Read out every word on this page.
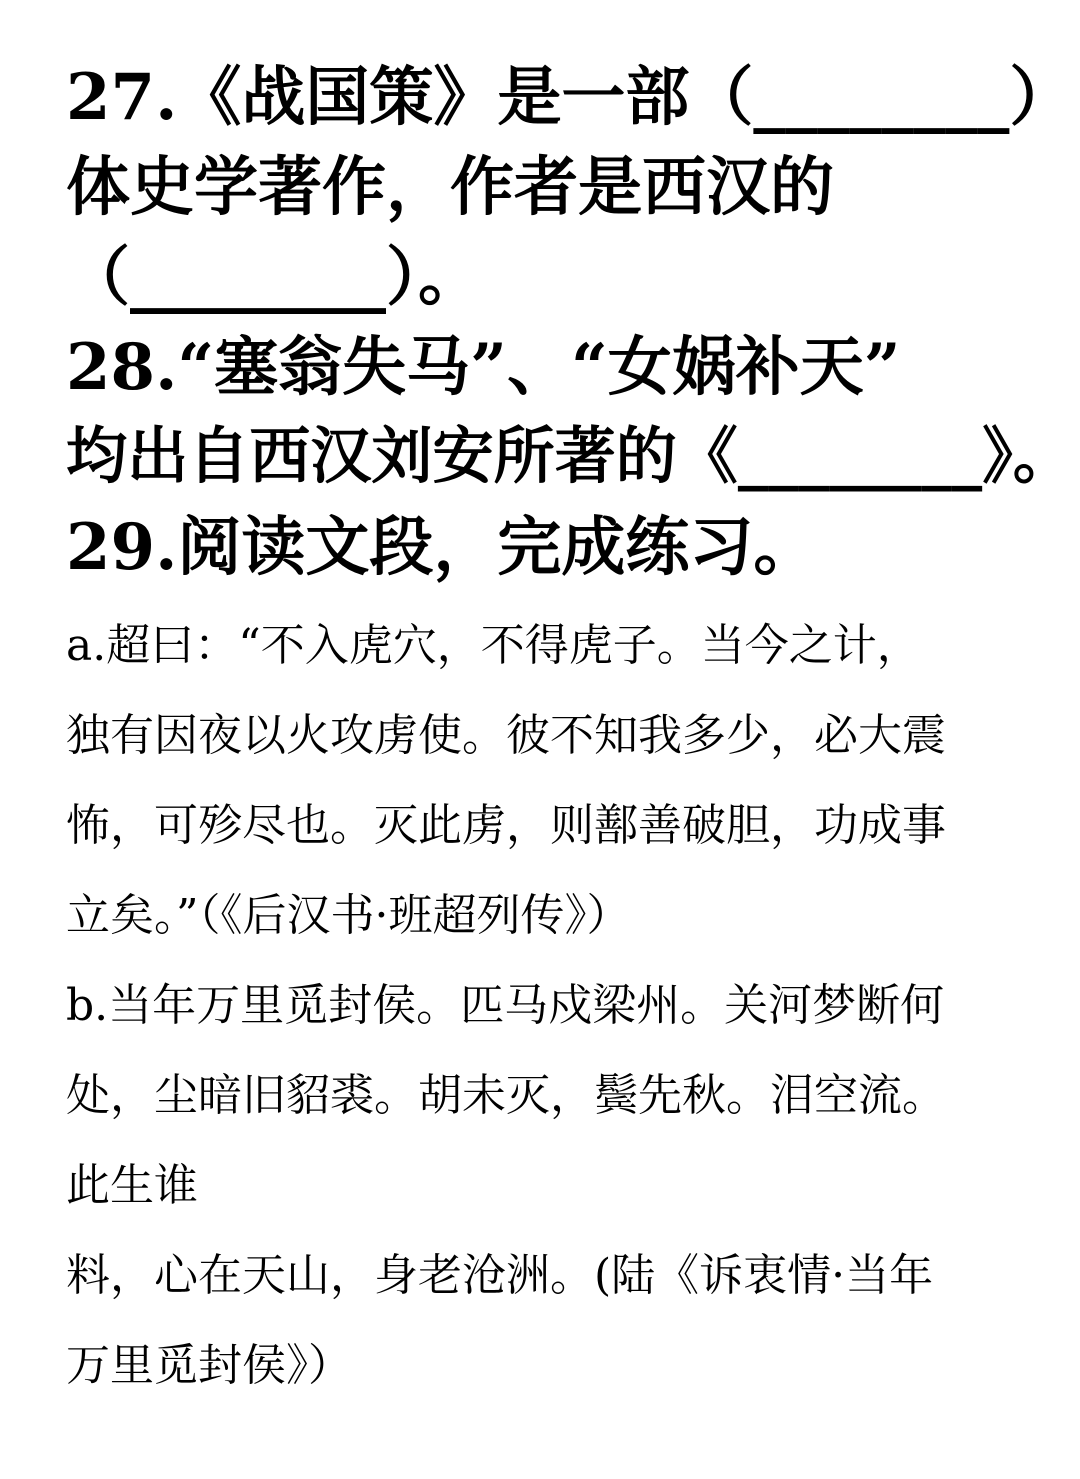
27.《战国策》是一部（________）
体史学著作，作者是西汉的
（________）。
28.“塞翁失马”、“女娲补天”
均出自西汉刘安所著的《________》。
29.阅读文段，完成练习。
a.超曰：“不入虎穴，不得虎子。当今之计，
独有因夜以火攻虏使。彼不知我多少，必大震
怖，可殄尽也。灭此虏，则鄯善破胆，功成事
立矣。”（《后汉书·班超列传》）
b.当年万里觅封侯。匹马戍梁州。关河梦断何
处，尘暗旧貂裘。胡未灭，鬓先秋。泪空流。
此生谁
料，心在天山，身老沧洲。(陆《诉衷情·当年
万里觅封侯》）
